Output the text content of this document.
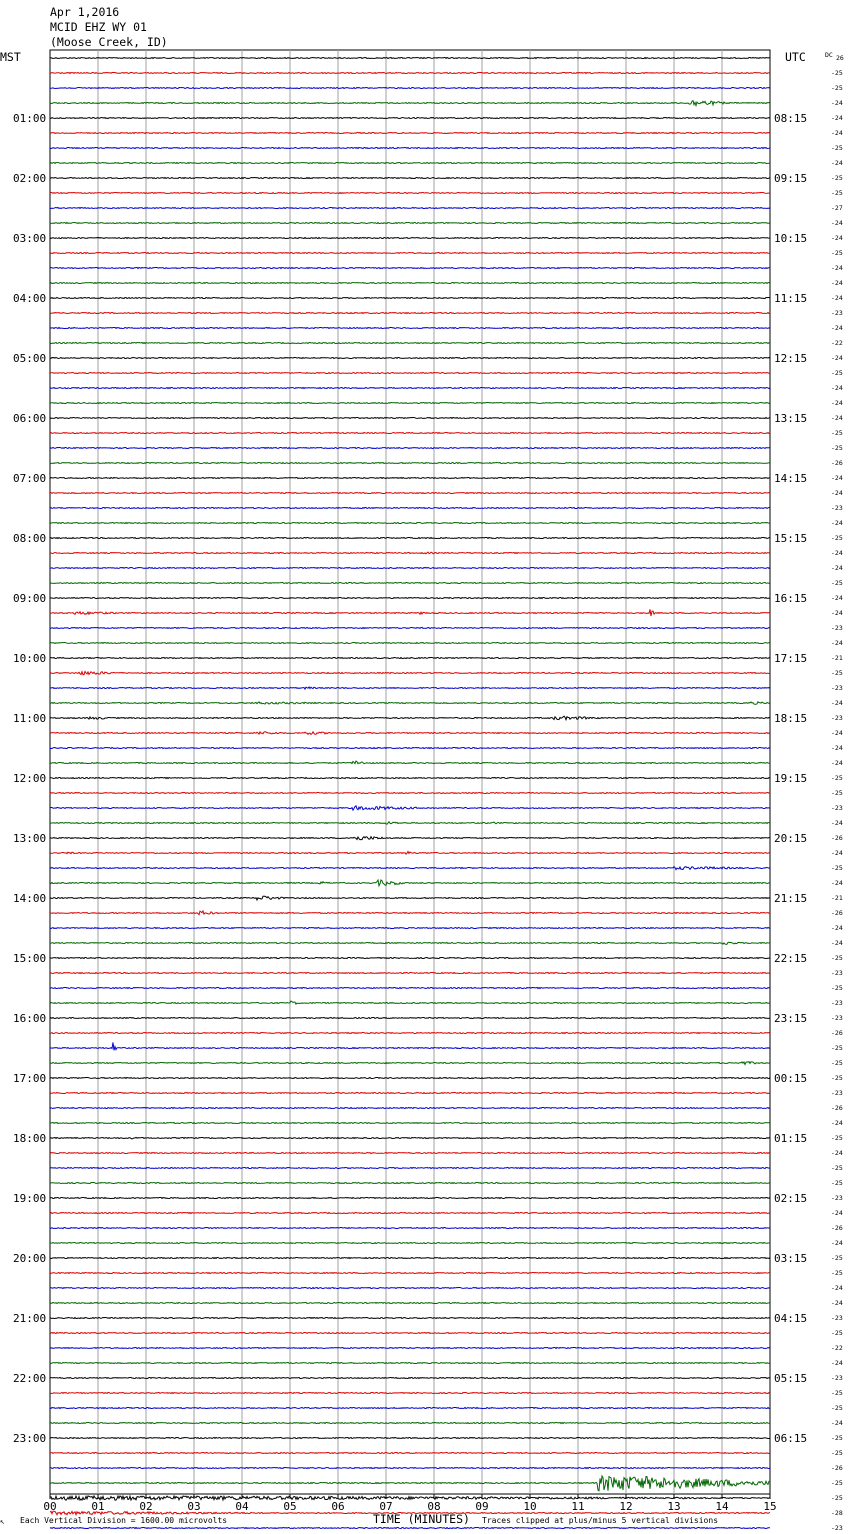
Apr 1,2016
MCID EHZ WY 01
(Moose Creek, ID)
MST	UTC	DC
01:00
02:00
03:00
04:00
05:00
06:00
07:00
08:00
09:00
10:00
11:00
12:00
13:00
14:00
15:00
16:00
17:00
18:00
19:00
20:00
21:00
22:00
23:00
08:15
09:15
10:15
11:15
12:15
13:15
14:15
15:15
16:15
17:15
18:15
19:15
20:15
21:15
22:15
23:15
00:15
01:15
02:15
03:15
04:15
05:15
06:15
26
-25
-25
-24
-24
-24
-25
-24
-25
-25
-27
-24
-24
-25
-24
-24
-24
-23
-24
-22
-24
-25
-24
-24
-24
-25
-25
-26
-24
-24
-23
-24
-25
-24
-24
-25
-24
-24
-23
-24
-21
-25
-23
-24
-23
-24
-24
-24
-25
-25
-23
-24
-26
-24
-25
-24
-21
-26
-24
-24
-25
-23
-25
-23
-23
-26
-25
-25
-25
-23
-26
-24
-25
-24
-25
-25
-23
-24
-26
-24
-25
-25
-24
-24
-23
-25
-22
-24
-23
-25
-25
-24
-25
-25
-26
-25
-25
-28
-23
00	01	02	03	04	05	06	07	08	09	10	11	12	13	14	15
↖ Each Vertical Division = 1600.00 microvolts	TIME (MINUTES) Traces clipped at plus/minus 5 vertical divisions
